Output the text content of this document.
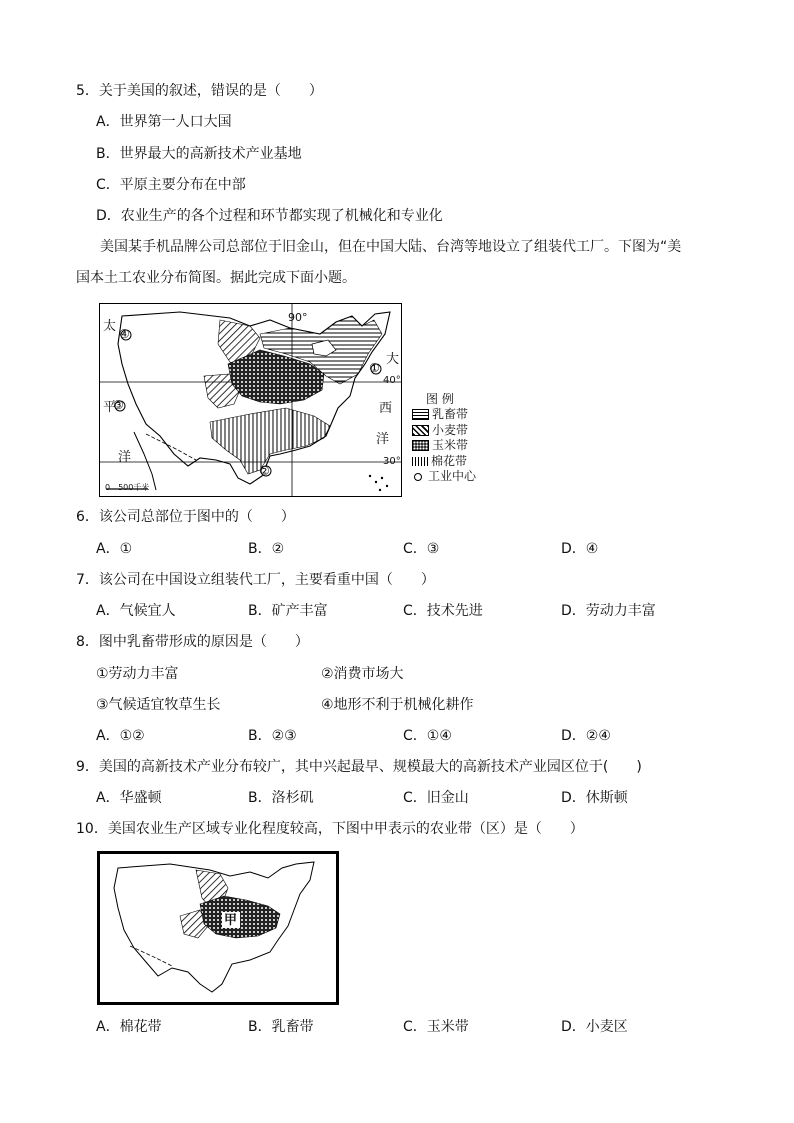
5．关于美国的叙述，错误的是（　　）
A．世界第一人口大国
B．世界最大的高新技术产业基地
C．平原主要分布在中部
D．农业生产的各个过程和环节都实现了机械化和专业化
美国某手机品牌公司总部位于旧金山，但在中国大陆、台湾等地设立了组装代工厂。下图为“美
国本土工农业分布简图。据此完成下面小题。
90°
40°
30°
太
平
洋
大
西
洋
①
②
③
④
0　500千米
图 例
乳畜带
小麦带
玉米带
棉花带
工业中心
6．该公司总部位于图中的（　　）
A．①	B．②	C．③	D．④
7．该公司在中国设立组装代工厂，主要看重中国（　　）
A．气候宜人	B．矿产丰富	C．技术先进	D．劳动力丰富
8．图中乳畜带形成的原因是（　　）
①劳动力丰富	②消费市场大
③气候适宜牧草生长	④地形不利于机械化耕作
A．①②	B．②③	C．①④	D．②④
9．美国的高新技术产业分布较广，其中兴起最早、规模最大的高新技术产业园区位于(　　)
A．华盛顿	B．洛杉矶	C．旧金山	D．休斯顿
10．美国农业生产区域专业化程度较高，下图中甲表示的农业带（区）是（　　）
甲
A．棉花带	B．乳畜带	C．玉米带	D．小麦区
